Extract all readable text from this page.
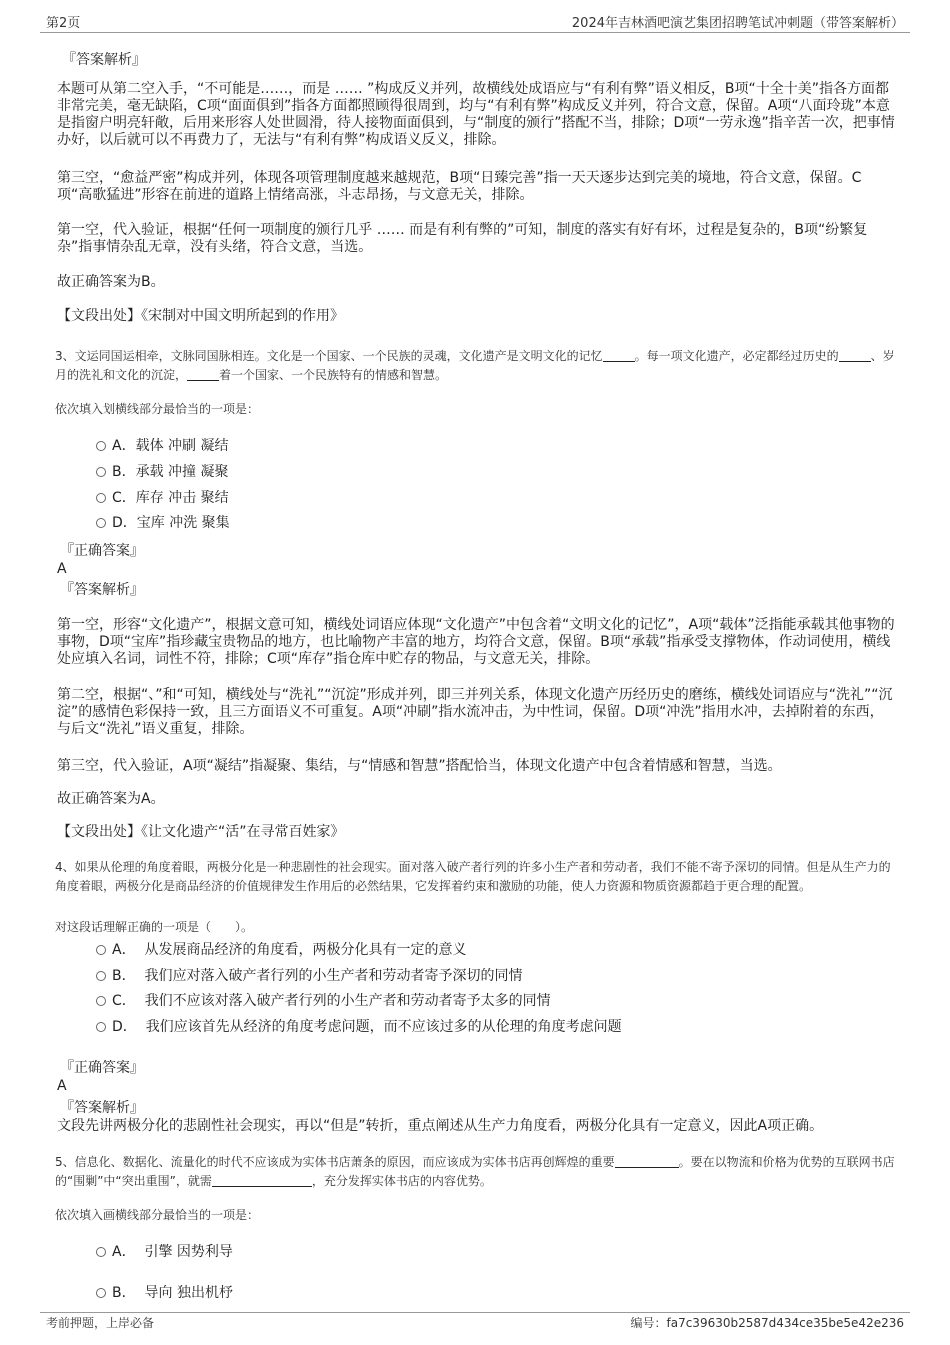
第2页	2024年吉林酒吧演艺集团招聘笔试冲刺题（带答案解析）
『答案解析』

本题可从第二空入手，“不可能是……，而是 …… ”构成反义并列，故横线处成语应与“有利有弊”语义相反，B项“十全十美”指各方面都非常完美，毫无缺陷，C项“面面俱到”指各方面都照顾得很周到，均与“有利有弊”构成反义并列，符合文意，保留。A项“八面玲珑”本意是指窗户明亮轩敞，后用来形容人处世圆滑，待人接物面面俱到，与“制度的颁行”搭配不当，排除；D项“一劳永逸”指辛苦一次，把事情办好，以后就可以不再费力了，无法与“有利有弊”构成语义反义，排除。

第三空，“愈益严密”构成并列，体现各项管理制度越来越规范，B项“日臻完善”指一天天逐步达到完美的境地，符合文意，保留。C项“高歌猛进”形容在前进的道路上情绪高涨，斗志昂扬，与文意无关，排除。

第一空，代入验证，根据“任何一项制度的颁行几乎 …… 而是有利有弊的”可知，制度的落实有好有坏，过程是复杂的，B项“纷繁复杂”指事情杂乱无章，没有头绪，符合文意，当选。

故正确答案为B。
【文段出处】《宋制对中国文明所起到的作用》
3、文运同国运相牵，文脉同国脉相连。文化是一个国家、一个民族的灵魂，文化遗产是文明文化的记忆	。每一项文化遗产，必定都经过历史的	、岁月的洗礼和文化的沉淀，	着一个国家、一个民族特有的情感和智慧。
依次填入划横线部分最恰当的一项是：
A．载体 冲刷 凝结
B．承载 冲撞 凝聚
C．库存 冲击 聚结
D．宝库 冲洗 聚集
『正确答案』
A
『答案解析』

第一空，形容“文化遗产”，根据文意可知，横线处词语应体现“文化遗产”中包含着“文明文化的记忆”，A项“载体”泛指能承载其他事物的事物，D项“宝库”指珍藏宝贵物品的地方，也比喻物产丰富的地方，均符合文意，保留。B项“承载”指承受支撑物体，作动词使用，横线处应填入名词，词性不符，排除；C项“库存”指仓库中贮存的物品，与文意无关，排除。

第二空，根据“、”和“可知，横线处与“洗礼”“沉淀”形成并列，即三并列关系，体现文化遗产历经历史的磨练，横线处词语应与“洗礼”“沉淀”的感情色彩保持一致，且三方面语义不可重复。A项“冲刷”指水流冲击，为中性词，保留。D项“冲洗”指用水冲，去掉附着的东西，与后文“洗礼”语义重复，排除。

第三空，代入验证，A项“凝结”指凝聚、集结，与“情感和智慧”搭配恰当，体现文化遗产中包含着情感和智慧，当选。

故正确答案为A。
【文段出处】《让文化遗产“活”在寻常百姓家》
4、如果从伦理的角度着眼，两极分化是一种悲剧性的社会现实。面对落入破产者行列的许多小生产者和劳动者，我们不能不寄予深切的同情。但是从生产力的角度着眼，两极分化是商品经济的价值规律发生作用后的必然结果，它发挥着约束和激励的功能，使人力资源和物质资源都趋于更合理的配置。
对这段话理解正确的一项是（　　）。
A． 从发展商品经济的角度看，两极分化具有一定的意义
B． 我们应对落入破产者行列的小生产者和劳动者寄予深切的同情
C． 我们不应该对落入破产者行列的小生产者和劳动者寄予太多的同情
D． 我们应该首先从经济的角度考虑问题，而不应该过多的从伦理的角度考虑问题
『正确答案』
A
『答案解析』
文段先讲两极分化的悲剧性社会现实，再以“但是”转折，重点阐述从生产力角度看，两极分化具有一定意义，因此A项正确。
5、信息化、数据化、流量化的时代不应该成为实体书店萧条的原因，而应该成为实体书店再创辉煌的重要	。要在以物流和价格为优势的互联网书店的“围剿”中“突出重围”，就需	，充分发挥实体书店的内容优势。
依次填入画横线部分最恰当的一项是：
A． 引擎 因势利导
B． 导向 独出机杼
考前押题，上岸必备	编号：fa7c39630b2587d434ce35be5e42e236
